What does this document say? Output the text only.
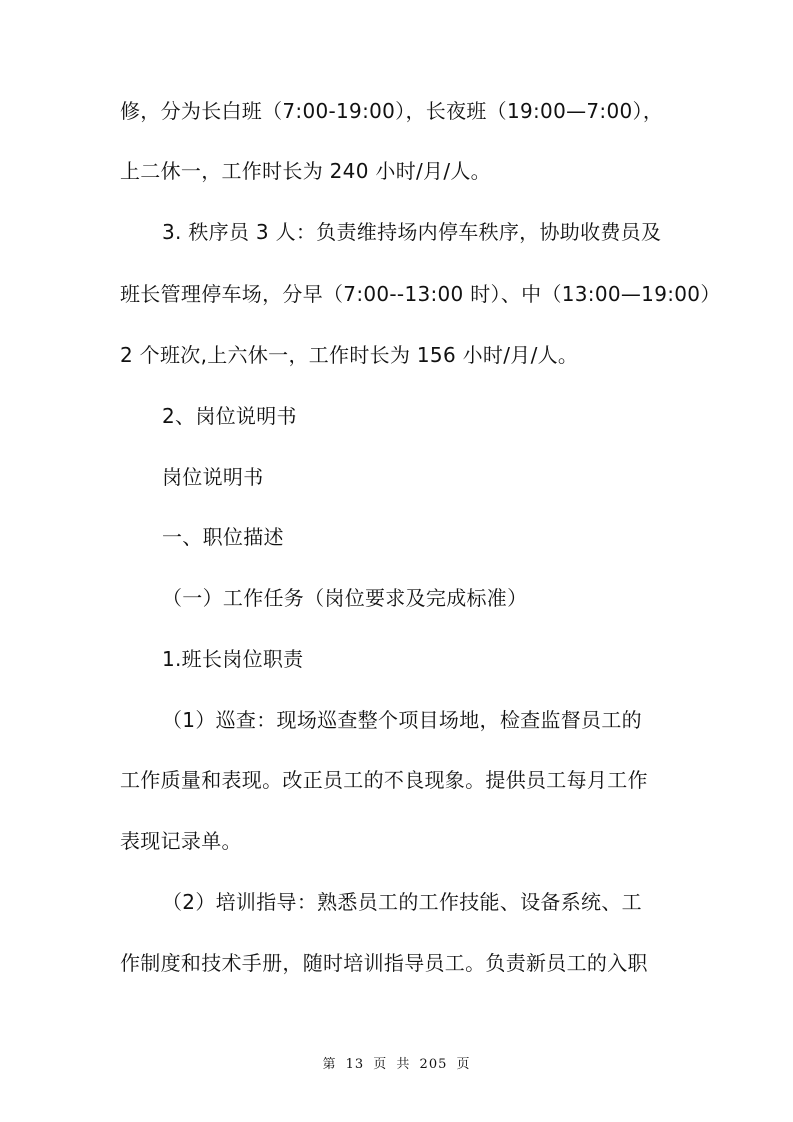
修，分为长白班（7:00-19:00），长夜班（19:00—7:00），
上二休一，工作时长为 240 小时/月/人。
3. 秩序员 3 人：负责维持场内停车秩序，协助收费员及
班长管理停车场，分早（7:00--13:00 时）、中（13:00—19:00）
2 个班次,上六休一，工作时长为 156 小时/月/人。
2、岗位说明书
岗位说明书
一、职位描述
（一）工作任务（岗位要求及完成标准）
1.班长岗位职责
（1）巡查：现场巡查整个项目场地，检查监督员工的
工作质量和表现。改正员工的不良现象。提供员工每月工作
表现记录单。
（2）培训指导：熟悉员工的工作技能、设备系统、工
作制度和技术手册，随时培训指导员工。负责新员工的入职
第 13 页 共 205 页
